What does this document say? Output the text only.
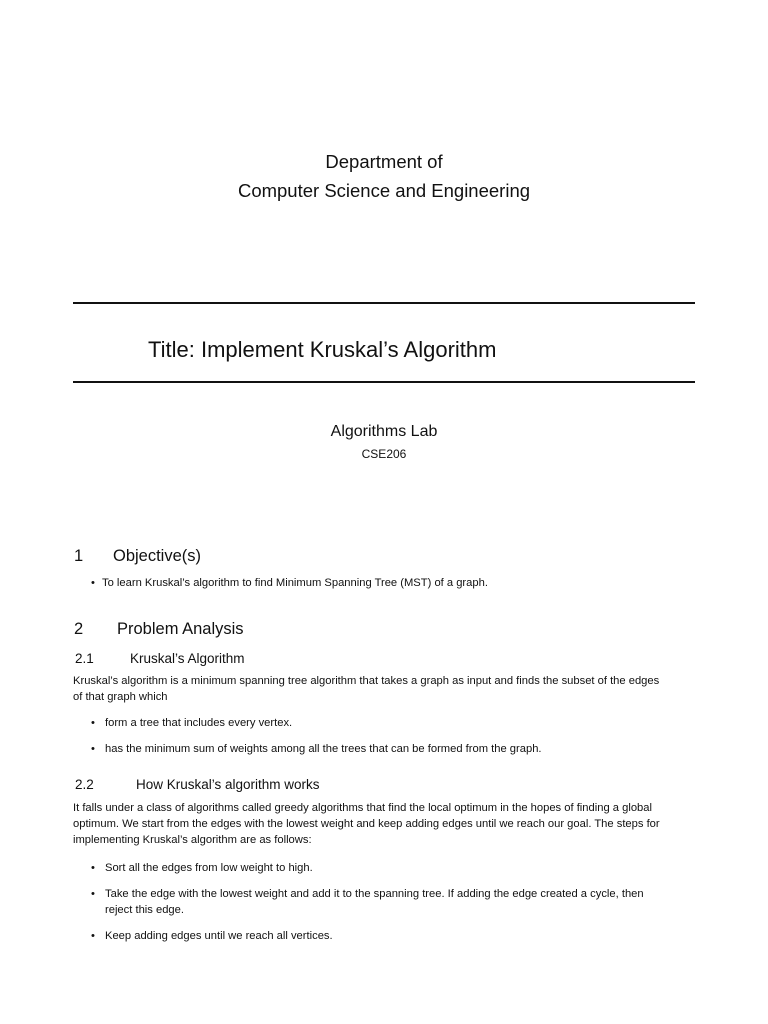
Department of
Computer Science and Engineering
Title: Implement Kruskal’s Algorithm
Algorithms Lab
CSE206
1 Objective(s)
• To learn Kruskal’s algorithm to find Minimum Spanning Tree (MST) of a graph.
2 Problem Analysis
2.1	Kruskal’s Algorithm
Kruskal’s algorithm is a minimum spanning tree algorithm that takes a graph as input and finds the subset of the edges
of that graph which
• form a tree that includes every vertex.
• has the minimum sum of weights among all the trees that can be formed from the graph.
2.2	How Kruskal’s algorithm works
It falls under a class of algorithms called greedy algorithms that find the local optimum in the hopes of finding a global
optimum. We start from the edges with the lowest weight and keep adding edges until we reach our goal. The steps for
implementing Kruskal’s algorithm are as follows:
• Sort all the edges from low weight to high.
• Take the edge with the lowest weight and add it to the spanning tree. If adding the edge created a cycle, then
reject this edge.
• Keep adding edges until we reach all vertices.
